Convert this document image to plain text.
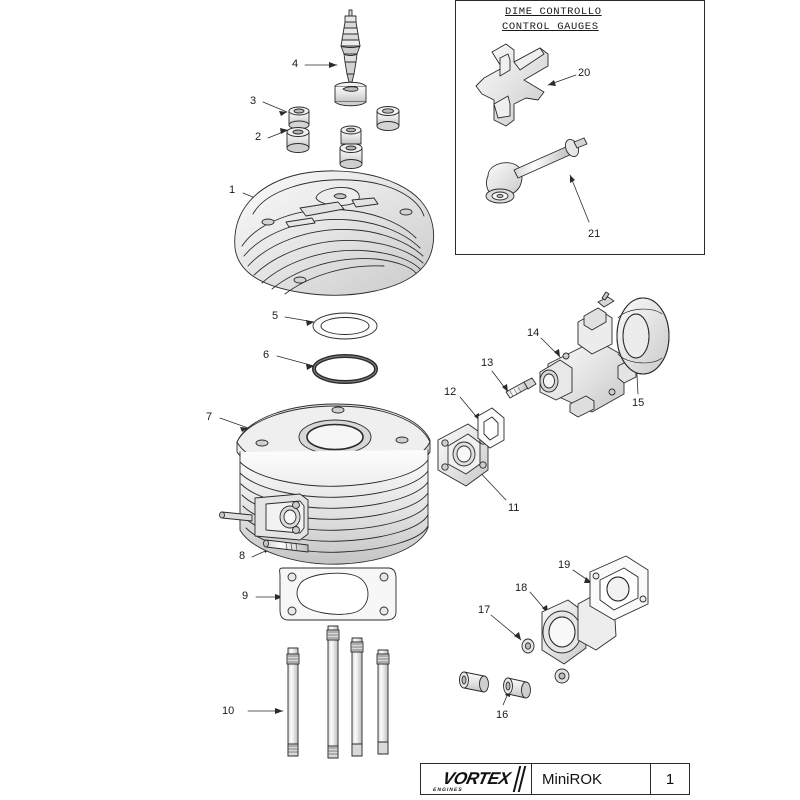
DIME CONTROLLO
CONTROL GAUGES
1
2
3
4
5
6
7
8
9
10
11
12
13
14
15
16
17
18
19
20
21
VORTEX
ENGINES
MiniROK	1
